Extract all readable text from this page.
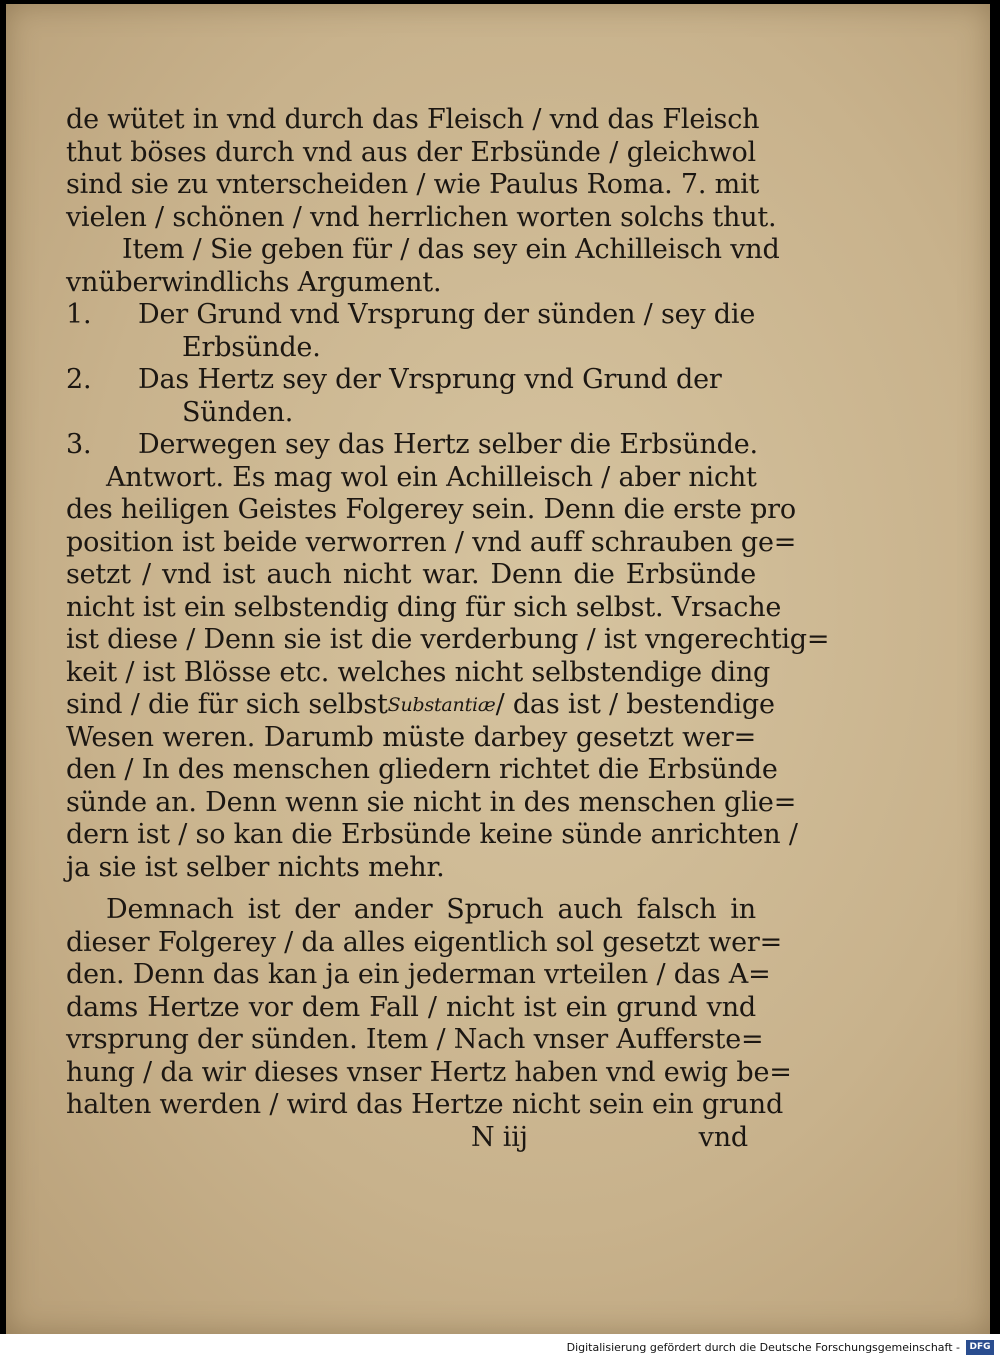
de wütet in vnd durch das Fleisch / vnd das Fleisch
thut böses durch vnd aus der Erbsünde / gleichwol
sind sie zu vnterscheiden / wie Paulus Roma. 7. mit
vielen / schönen / vnd herrlichen worten solchs thut.
Item / Sie geben für / das sey ein Achilleisch vnd
vnüberwindlichs Argument.
1. Der Grund vnd Vrsprung der sünden / sey die
Erbsünde.
2. Das Hertz sey der Vrsprung vnd Grund der
Sünden.
3. Derwegen sey das Hertz selber die Erbsünde.
Antwort. Es mag wol ein Achilleisch / aber nicht
des heiligen Geistes Folgerey sein. Denn die erste pro
position ist beide verworren / vnd auff schrauben ge=
setzt / vnd ist auch nicht war. Denn die Erbsünde
nicht ist ein selbstendig ding für sich selbst. Vrsache
ist diese / Denn sie ist die verderbung / ist vngerechtig=
keit / ist Blösse etc. welches nicht selbstendige ding
sind / die für sich selbst Substantiæ / das ist / bestendige
Wesen weren. Darumb müste darbey gesetzt wer=
den / In des menschen gliedern richtet die Erbsünde
sünde an. Denn wenn sie nicht in des menschen glie=
dern ist / so kan die Erbsünde keine sünde anrichten /
ja sie ist selber nichts mehr.
Demnach ist der ander Spruch auch falsch in
dieser Folgerey / da alles eigentlich sol gesetzt wer=
den. Denn das kan ja ein jederman vrteilen / das A=
dams Hertze vor dem Fall / nicht ist ein grund vnd
vrsprung der sünden. Item / Nach vnser Aufferste=
hung / da wir dieses vnser Hertz haben vnd ewig be=
halten werden / wird das Hertze nicht sein ein grund
N iij	vnd
Digitalisierung gefördert durch die Deutsche Forschungsgemeinschaft -	DFG
